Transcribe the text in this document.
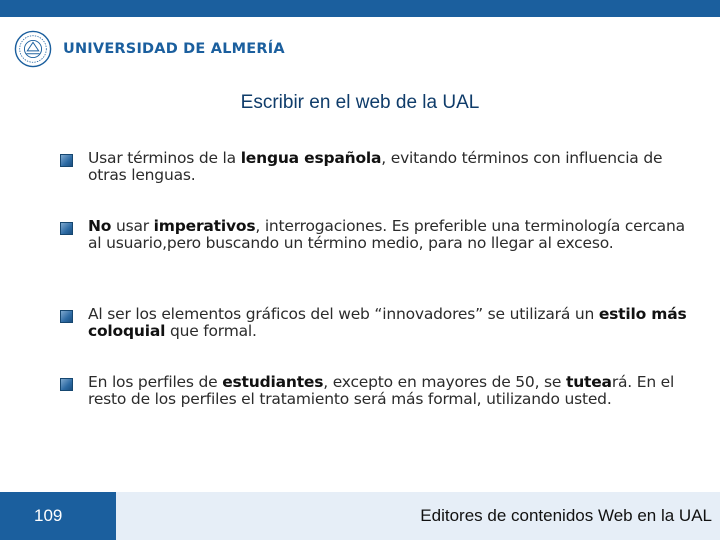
UNIVERSIDAD DE ALMERÍA
Escribir en el web de la UAL
Usar términos de la lengua española, evitando términos con influencia de otras lenguas.
No usar imperativos, interrogaciones. Es preferible una terminología cercana al usuario,pero buscando un término medio, para no llegar al exceso.
Al ser los elementos gráficos del web “innovadores” se utilizará un estilo más coloquial que formal.
En los perfiles de estudiantes, excepto en mayores de 50, se tuteará. En el resto de los perfiles el tratamiento será más formal, utilizando usted.
109	Editores de contenidos Web en la UAL
